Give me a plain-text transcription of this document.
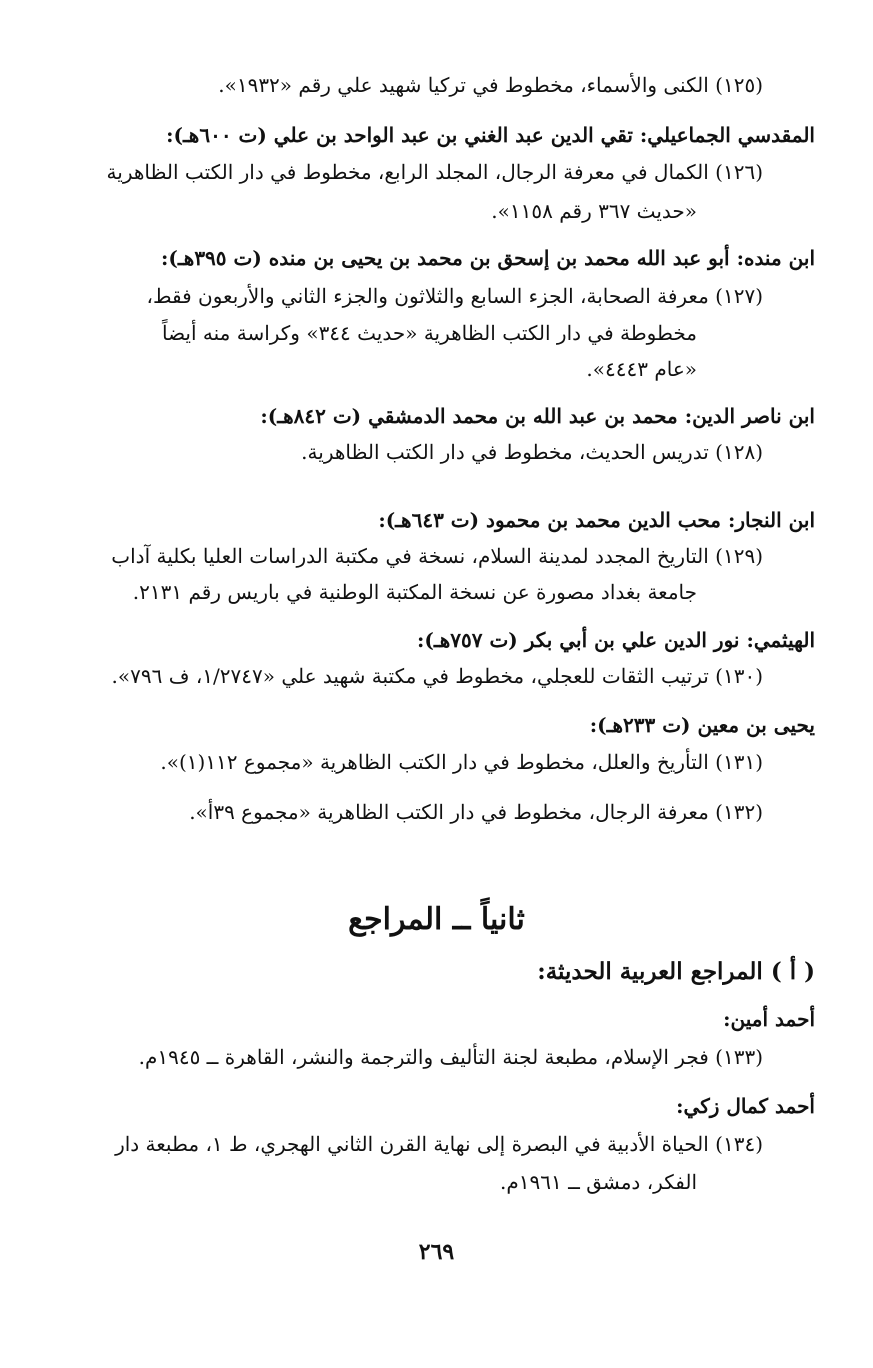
(١٢٥) الكنى والأسماء، مخطوط في تركيا شهيد علي رقم «١٩٣٢».
المقدسي الجماعيلي: تقي الدين عبد الغني بن عبد الواحد بن علي (ت ٦٠٠هـ):
(١٢٦) الكمال في معرفة الرجال، المجلد الرابع، مخطوط في دار الكتب الظاهرية
«حديث ٣٦٧ رقم ١١٥٨».
ابن منده: أبو عبد الله محمد بن إسحق بن محمد بن يحيى بن منده (ت ٣٩٥هـ):
(١٢٧) معرفة الصحابة، الجزء السابع والثلاثون والجزء الثاني والأربعون فقط،
مخطوطة في دار الكتب الظاهرية «حديث ٣٤٤» وكراسة منه أيضاً
«عام ٤٤٤٣».
ابن ناصر الدين: محمد بن عبد الله بن محمد الدمشقي (ت ٨٤٢هـ):
(١٢٨) تدريس الحديث، مخطوط في دار الكتب الظاهرية.
ابن النجار: محب الدين محمد بن محمود (ت ٦٤٣هـ):
(١٢٩) التاريخ المجدد لمدينة السلام، نسخة في مكتبة الدراسات العليا بكلية آداب
جامعة بغداد مصورة عن نسخة المكتبة الوطنية في باريس رقم ٢١٣١.
الهيثمي: نور الدين علي بن أبي بكر (ت ٧٥٧هـ):
(١٣٠) ترتيب الثقات للعجلي، مخطوط في مكتبة شهيد علي «١/٢٧٤٧، ف ٧٩٦».
يحيى بن معين (ت ٢٣٣هـ):
(١٣١) التأريخ والعلل، مخطوط في دار الكتب الظاهرية «مجموع ١١٢(١)».
(١٣٢) معرفة الرجال، مخطوط في دار الكتب الظاهرية «مجموع ٣٩أ».
ثانياً ــ المراجع
( أ ) المراجع العربية الحديثة:
أحمد أمين:
(١٣٣) فجر الإسلام، مطبعة لجنة التأليف والترجمة والنشر، القاهرة ــ ١٩٤٥م.
أحمد كمال زكي:
(١٣٤) الحياة الأدبية في البصرة إلى نهاية القرن الثاني الهجري، ط ١، مطبعة دار
الفكر، دمشق ــ ١٩٦١م.
٢٦٩
